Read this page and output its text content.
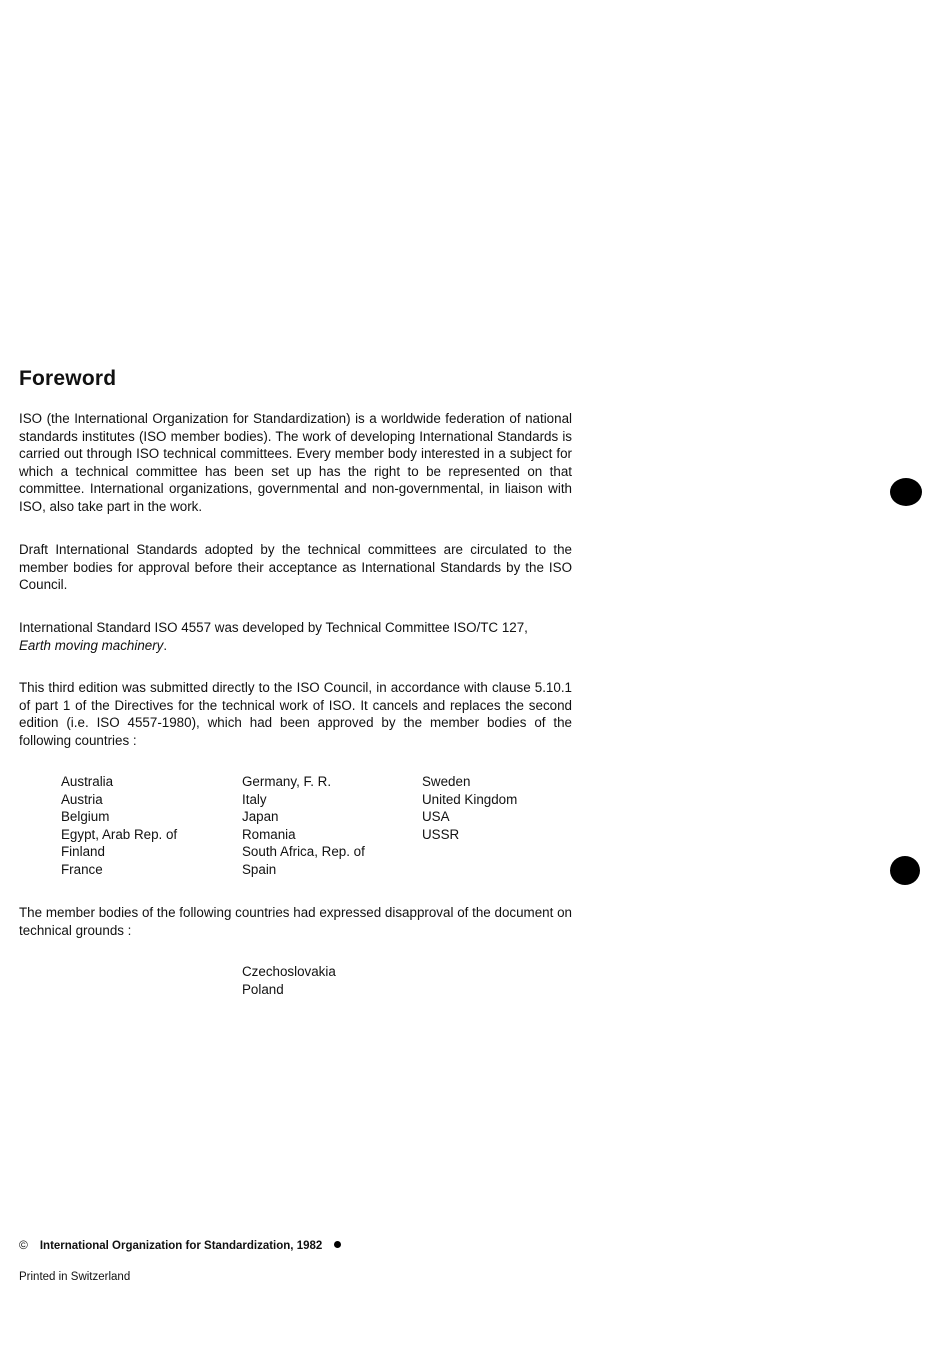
Foreword

ISO (the International Organization for Standardization) is a worldwide federation of national standards institutes (ISO member bodies). The work of developing International Standards is carried out through ISO technical committees. Every member body interested in a subject for which a technical committee has been set up has the right to be represented on that committee. International organizations, governmental and non-governmental, in liaison with ISO, also take part in the work.

Draft International Standards adopted by the technical committees are circulated to the member bodies for approval before their acceptance as International Standards by the ISO Council.

International Standard ISO 4557 was developed by Technical Committee ISO/TC 127,
Earth moving machinery.

This third edition was submitted directly to the ISO Council, in accordance with clause 5.10.1 of part 1 of the Directives for the technical work of ISO. It cancels and replaces the second edition (i.e. ISO 4557-1980), which had been approved by the member bodies of the following countries :

Australia
Austria
Belgium
Egypt, Arab Rep. of
Finland
France
Germany, F. R.
Italy
Japan
Romania
South Africa, Rep. of
Spain
Sweden
United Kingdom
USA
USSR

The member bodies of the following countries had expressed disapproval of the document on technical grounds :

Czechoslovakia
Poland
© International Organization for Standardization, 1982
Printed in Switzerland
